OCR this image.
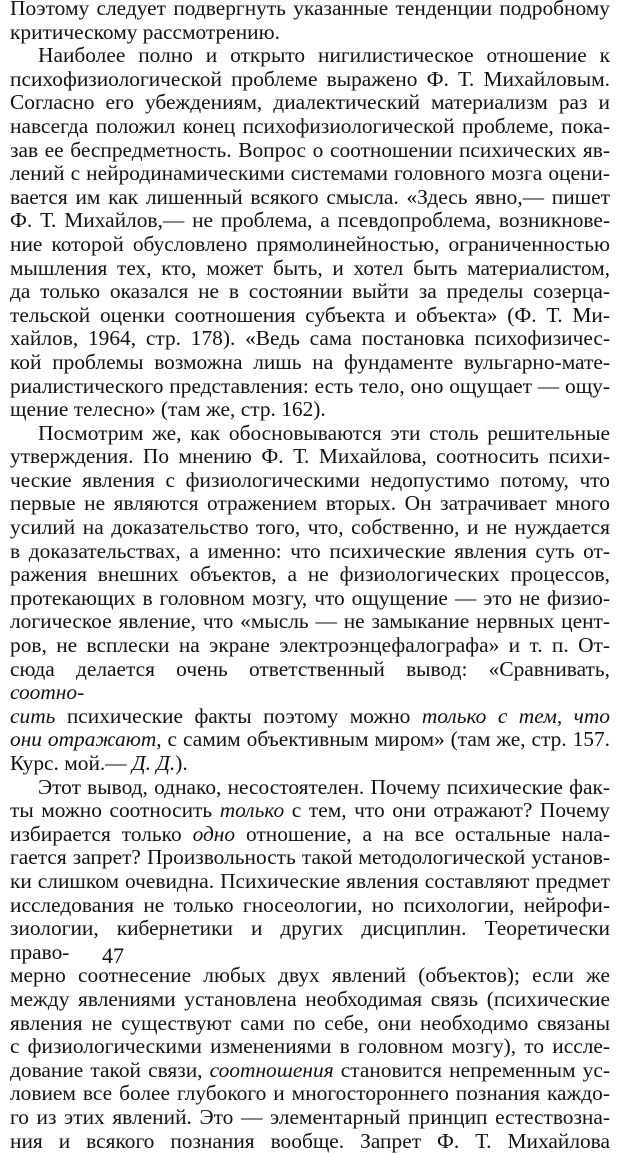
Поэтому следует подвергнуть указанные тенденции подробному
критическому рассмотрению.
Наиболее полно и открыто нигилистическое отношение к
психофизиологической проблеме выражено Ф. Т. Михайловым.
Согласно его убеждениям, диалектический материализм раз и
навсегда положил конец психофизиологической проблеме, пока-
зав ее беспредметность. Вопрос о соотношении психических яв-
лений с нейродинамическими системами головного мозга оцени-
вается им как лишенный всякого смысла. «Здесь явно,— пишет
Ф. Т. Михайлов,— не проблема, а псевдопроблема, возникнове-
ние которой обусловлено прямолинейностью, ограниченностью
мышления тех, кто, может быть, и хотел быть материалистом,
да только оказался не в состоянии выйти за пределы созерца-
тельской оценки соотношения субъекта и объекта» (Ф. Т. Ми-
хайлов, 1964, стр. 178). «Ведь сама постановка психофизичес-
кой проблемы возможна лишь на фундаменте вульгарно-мате-
риалистического представления: есть тело, оно ощущает — ощу-
щение телесно» (там же, стр. 162).
Посмотрим же, как обосновываются эти столь решительные
утверждения. По мнению Ф. Т. Михайлова, соотносить психи-
ческие явления с физиологическими недопустимо потому, что
первые не являются отражением вторых. Он затрачивает много
усилий на доказательство того, что, собственно, и не нуждается
в доказательствах, а именно: что психические явления суть от-
ражения внешних объектов, а не физиологических процессов,
протекающих в головном мозгу, что ощущение — это не физио-
логическое явление, что «мысль — не замыкание нервных цент-
ров, не всплески на экране электроэнцефалографа» и т. п. От-
сюда делается очень ответственный вывод: «Сравнивать, соотно-
сить психические факты поэтому можно только с тем, что
они отражают, с самим объективным миром» (там же, стр. 157.
Курс. мой.— Д. Д.).
Этот вывод, однако, несостоятелен. Почему психические фак-
ты можно соотносить только с тем, что они отражают? Почему
избирается только одно отношение, а на все остальные нала-
гается запрет? Произвольность такой методологической установ-
ки слишком очевидна. Психические явления составляют предмет
исследования не только гносеологии, но психологии, нейрофи-
зиологии, кибернетики и других дисциплин. Теоретически право-
мерно соотнесение любых двух явлений (объектов); если же
между явлениями установлена необходимая связь (психические
явления не существуют сами по себе, они необходимо связаны
с физиологическими изменениями в головном мозгу), то иссле-
дование такой связи, соотношения становится непременным ус-
ловием все более глубокого и многостороннего познания каждо-
го из этих явлений. Это — элементарный принцип естествозна-
ния и всякого познания вообще. Запрет Ф. Т. Михайлова
47
